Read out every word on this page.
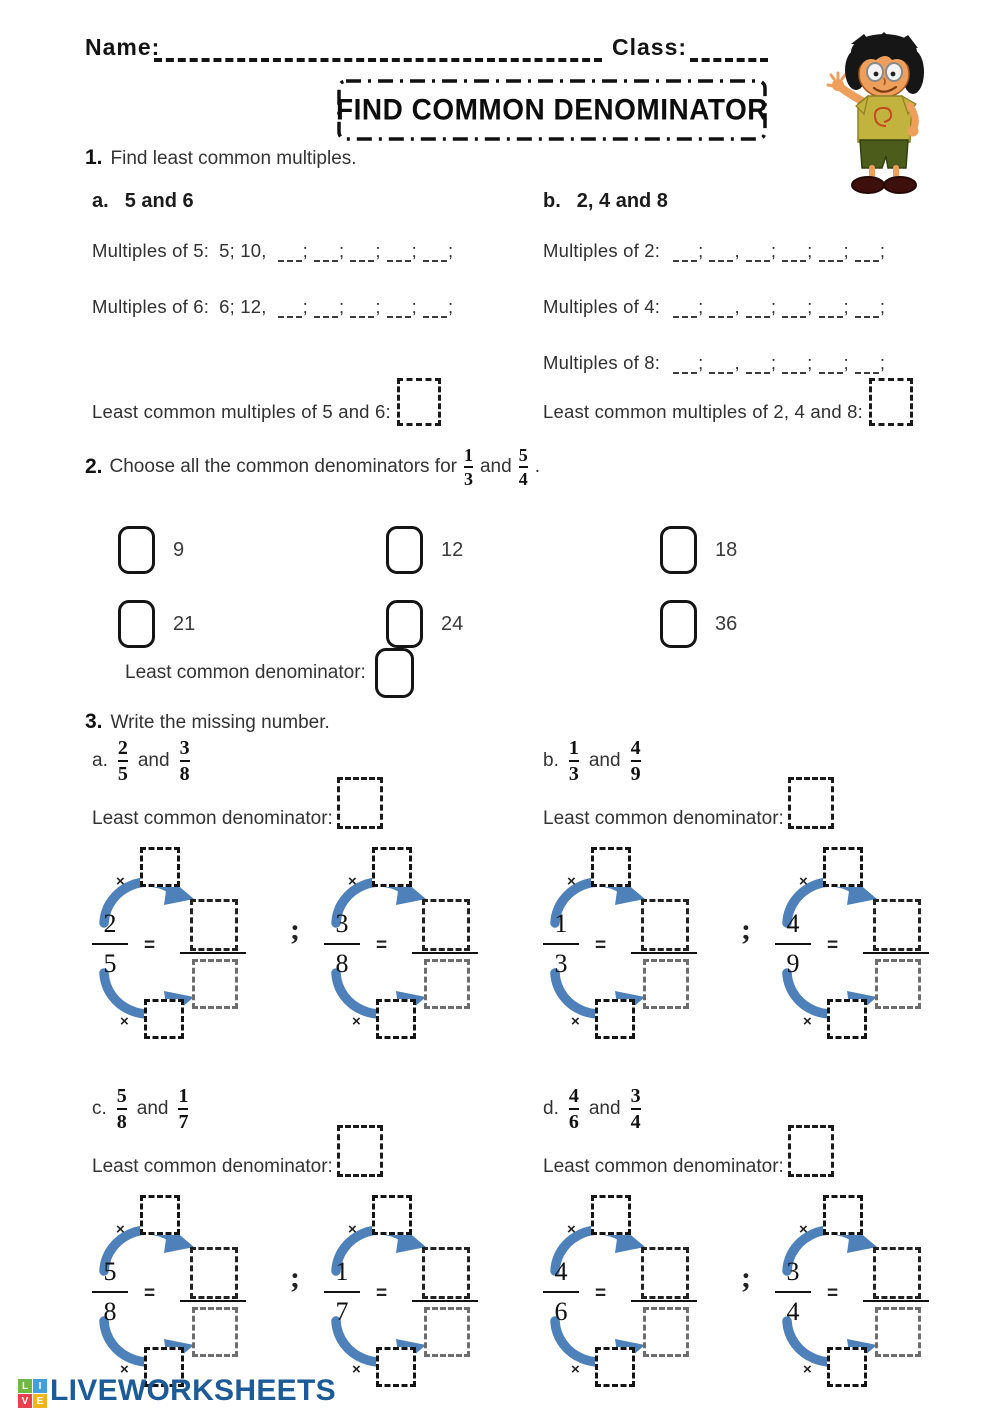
Name:	Class:
FIND COMMON DENOMINATOR
1. Find least common multiples.
a. 5 and 6
Multiples of 5: 5; 10, ; ; ; ; ;
Multiples of 6: 6; 12, ; ; ; ; ;
Least common multiples of 5 and 6:
b. 2, 4 and 8
Multiples of 2: ; , ; ; ; ;
Multiples of 4: ; , ; ; ; ;
Multiples of 8: ; , ; ; ; ;
Least common multiples of 2, 4 and 8:
2. Choose all the common denominators for $\frac{1}{3}$ and $\frac{5}{4}$ .
9	12	18
21	24	36
Least common denominator:
3. Write the missing number.
a. $\frac{2}{5}$ and $\frac{3}{8}$
Least common denominator:
×
2
5
=
×
;
×
3
8
=
×
b. $\frac{1}{3}$ and $\frac{4}{9}$
Least common denominator:
×
1
3
=
×
;
×
4
9
=
×
c. $\frac{5}{8}$ and $\frac{1}{7}$
Least common denominator:
×
5
8
=
×
;
×
1
7
=
×
d. $\frac{4}{6}$ and $\frac{3}{4}$
Least common denominator:
×
4
6
=
×
;
×
3
4
=
×
L	I
V E LIVEWORKSHEETS
